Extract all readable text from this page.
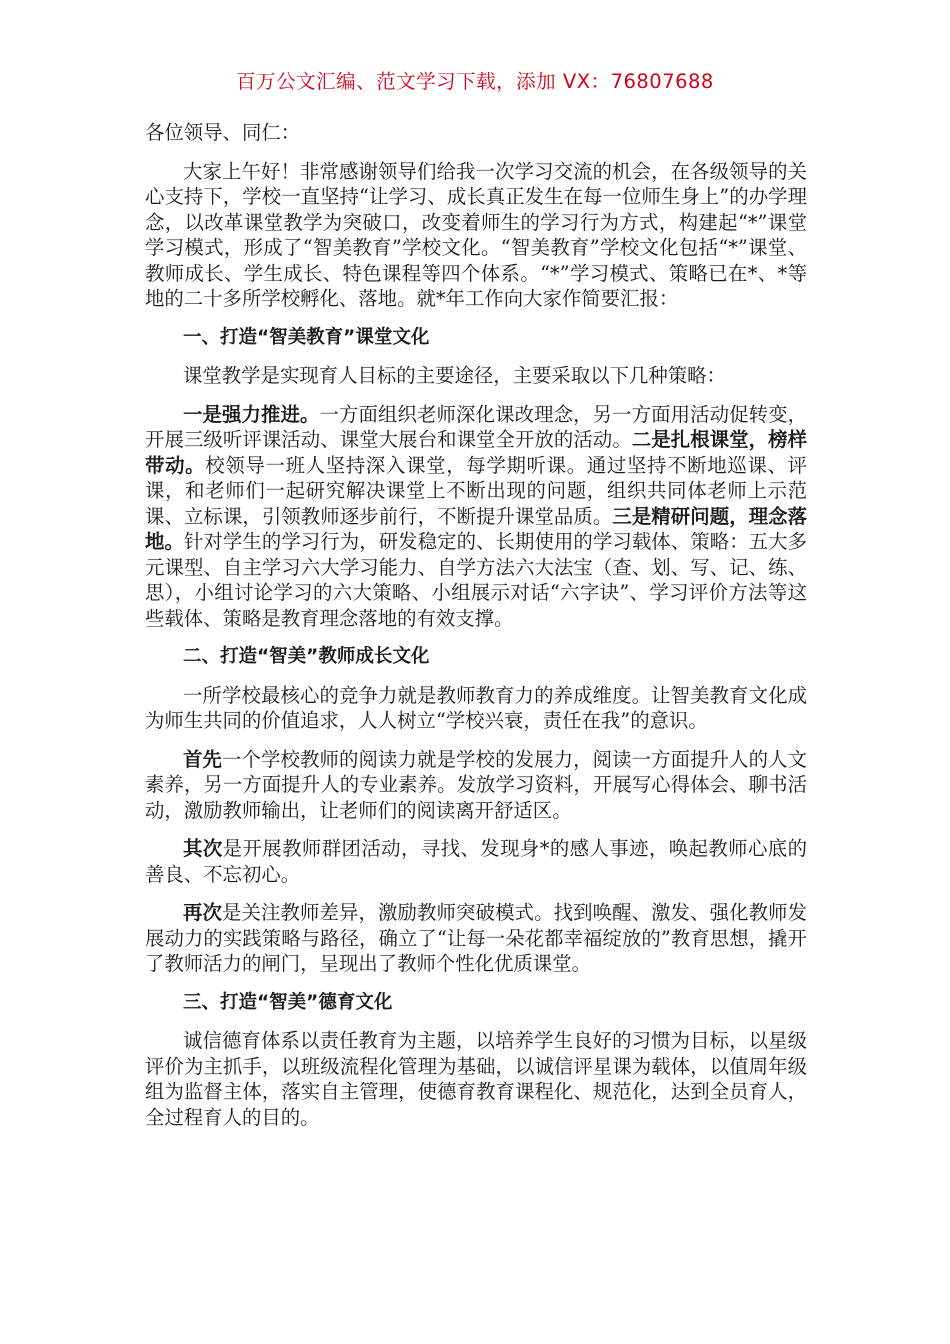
百万公文汇编、范文学习下载，添加 VX：76807688

各位领导、同仁：

大家上午好！非常感谢领导们给我一次学习交流的机会，在各级领导的关心支持下，学校一直坚持“让学习、成长真正发生在每一位师生身上”的办学理念，以改革课堂教学为突破口，改变着师生的学习行为方式，构建起“*”课堂学习模式，形成了“智美教育”学校文化。“智美教育”学校文化包括“*”课堂、教师成长、学生成长、特色课程等四个体系。“*”学习模式、策略已在*、*等地的二十多所学校孵化、落地。就*年工作向大家作简要汇报：

一、打造“智美教育”课堂文化

课堂教学是实现育人目标的主要途径，主要采取以下几种策略：

一是强力推进。一方面组织老师深化课改理念，另一方面用活动促转变，开展三级听评课活动、课堂大展台和课堂全开放的活动。二是扎根课堂，榜样带动。校领导一班人坚持深入课堂，每学期听课。通过坚持不断地巡课、评课，和老师们一起研究解决课堂上不断出现的问题，组织共同体老师上示范课、立标课，引领教师逐步前行，不断提升课堂品质。三是精研问题，理念落地。针对学生的学习行为，研发稳定的、长期使用的学习载体、策略：五大多元课型、自主学习六大学习能力、自学方法六大法宝（查、划、写、记、练、思），小组讨论学习的六大策略、小组展示对话“六字诀”、学习评价方法等这些载体、策略是教育理念落地的有效支撑。

二、打造“智美”教师成长文化

一所学校最核心的竞争力就是教师教育力的养成维度。让智美教育文化成为师生共同的价值追求，人人树立“学校兴衰，责任在我”的意识。

首先一个学校教师的阅读力就是学校的发展力，阅读一方面提升人的人文素养，另一方面提升人的专业素养。发放学习资料，开展写心得体会、聊书活动，激励教师输出，让老师们的阅读离开舒适区。

其次是开展教师群团活动，寻找、发现身*的感人事迹，唤起教师心底的善良、不忘初心。

再次是关注教师差异，激励教师突破模式。找到唤醒、激发、强化教师发展动力的实践策略与路径，确立了“让每一朵花都幸福绽放的”教育思想，撬开了教师活力的闸门，呈现出了教师个性化优质课堂。

三、打造“智美”德育文化

诚信德育体系以责任教育为主题，以培养学生良好的习惯为目标，以星级评价为主抓手，以班级流程化管理为基础，以诚信评星课为载体，以值周年级组为监督主体，落实自主管理，使德育教育课程化、规范化，达到全员育人，全过程育人的目的。
